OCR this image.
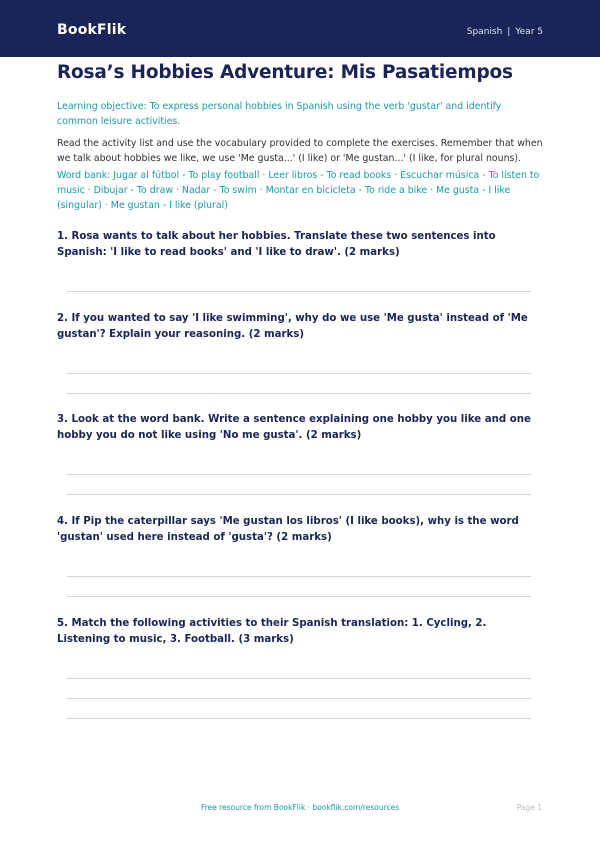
BookFlik	Spanish | Year 5
Rosa’s Hobbies Adventure: Mis Pasatiempos

Learning objective: To express personal hobbies in Spanish using the verb 'gustar' and identify common leisure activities.

Read the activity list and use the vocabulary provided to complete the exercises. Remember that when we talk about hobbies we like, we use 'Me gusta...' (I like) or 'Me gustan...' (I like, for plural nouns).

Word bank: Jugar al fútbol - To play football · Leer libros - To read books · Escuchar música - To listen to music · Dibujar - To draw · Nadar - To swim · Montar en bicicleta - To ride a bike · Me gusta - I like (singular) · Me gustan - I like (plural)

1. Rosa wants to talk about her hobbies. Translate these two sentences into Spanish: 'I like to read books' and 'I like to draw'. (2 marks)

2. If you wanted to say 'I like swimming', why do we use 'Me gusta' instead of 'Me gustan'? Explain your reasoning. (2 marks)

3. Look at the word bank. Write a sentence explaining one hobby you like and one hobby you do not like using 'No me gusta'. (2 marks)

4. If Pip the caterpillar says 'Me gustan los libros' (I like books), why is the word 'gustan' used here instead of 'gusta'? (2 marks)

5. Match the following activities to their Spanish translation: 1. Cycling, 2. Listening to music, 3. Football. (3 marks)

Free resource from BookFlik · bookflik.com/resources	Page 1
